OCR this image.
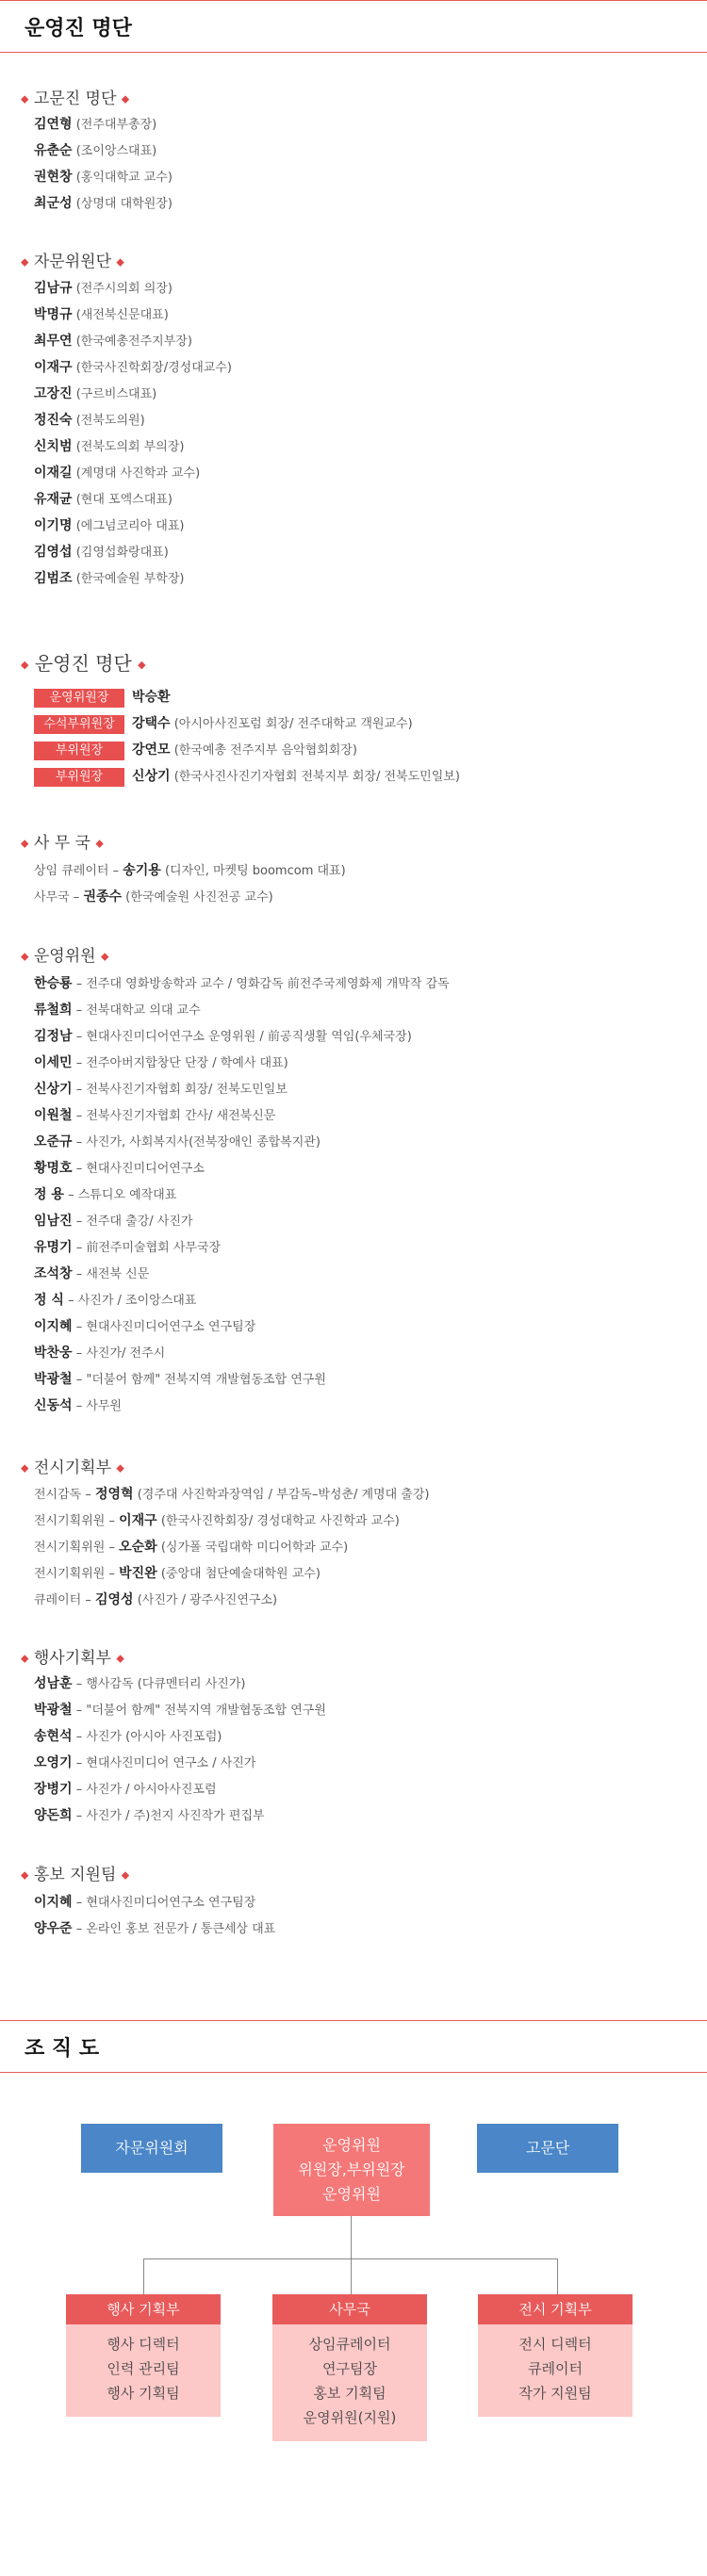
운영진 명단
◆ 고문진 명단 ◆
김연형 (전주대부총장)
유춘순 (조이앙스대표)
권현창 (홍익대학교 교수)
최군성 (상명대 대학원장)
◆ 자문위원단 ◆
김남규 (전주시의회 의장)
박명규 (새전북신문대표)
최무연 (한국예총전주지부장)
이재구 (한국사진학회장/경성대교수)
고장진 (구르비스대표)
정진숙 (전북도의원)
신치범 (전북도의회 부의장)
이재길 (계명대 사진학과 교수)
유재균 (현대 포엑스대표)
이기명 (에그넘코리아 대표)
김영섭 (김영섭화랑대표)
김범조 (한국예술원 부학장)
◆ 운영진 명단 ◆
운영위원장 박승환
수석부위원장 강택수 (아시아사진포럼 회장/ 전주대학교 객원교수)
부위원장 강연모 (한국예총 전주지부 음악협회회장)
부위원장 신상기 (한국사진사진기자협회 전북지부 회장/ 전북도민일보)
◆ 사 무 국 ◆
상임 큐레이터 – 송기용 (디자인, 마켓팅 boomcom 대표)
사무국 – 권종수 (한국예술원 사진전공 교수)
◆ 운영위원 ◆
한승룡 – 전주대 영화방송학과 교수 / 영화감독 前전주국제영화제 개막작 감독
류철희 – 전북대학교 의대 교수
김정남 – 현대사진미디어연구소 운영위원 / 前공직생활 역임(우체국장)
이세민 – 전주아버지합창단 단장 / 학예사 대표)
신상기 – 전북사진기자협회 회장/ 전북도민일보
이원철 – 전북사진기자협회 간사/ 새전북신문
오준규 – 사진가, 사회복지사(전북장애인 종합복지관)
황명호 – 현대사진미디어연구소
정 용 – 스튜디오 예작대표
임남진 – 전주대 출강/ 사진가
유명기 – 前전주미술협회 사무국장
조석창 – 새전북 신문
정 식 – 사진가 / 조이앙스대표
이지혜 – 현대사진미디어연구소 연구팀장
박찬웅 – 사진가/ 전주시
박광철 – "더불어 함께" 전북지역 개발협동조합 연구원
신동석 – 사무원
◆ 전시기획부 ◆
전시감독 – 정영혁 (경주대 사진학과장역임 / 부감독–박성춘/ 계명대 출강)
전시기획위원 – 이재구 (한국사진학회장/ 경성대학교 사진학과 교수)
전시기획위원 – 오순화 (싱가폴 국립대학 미디어학과 교수)
전시기획위원 – 박진완 (중앙대 첨단예술대학원 교수)
큐레이터 – 김영성 (사진가 / 광주사진연구소)
◆ 행사기획부 ◆
성남훈 – 행사감독 (다큐멘터리 사진가)
박광철 – "더불어 함께" 전북지역 개발협동조합 연구원
송현석 – 사진가 (아시아 사진포럼)
오영기 – 현대사진미디어 연구소 / 사진가
장병기 – 사진가 / 아시아사진포럼
양돈희 – 사진가 / 주)천지 사진작가 편집부
◆ 홍보 지원팀 ◆
이지혜 – 현대사진미디어연구소 연구팀장
양우준 – 온라인 홍보 전문가 / 통큰세상 대표
조 직 도
자문위원회	운영위원
위원장,부위원장
운영위원
고문단
행사 기획부
행사 디렉터
인력 관리팀
행사 기획팀
사무국
상임큐레이터
연구팀장
홍보 기획팀
운영위원(지원)
전시 기획부
전시 디렉터
큐레이터
작가 지원팀
